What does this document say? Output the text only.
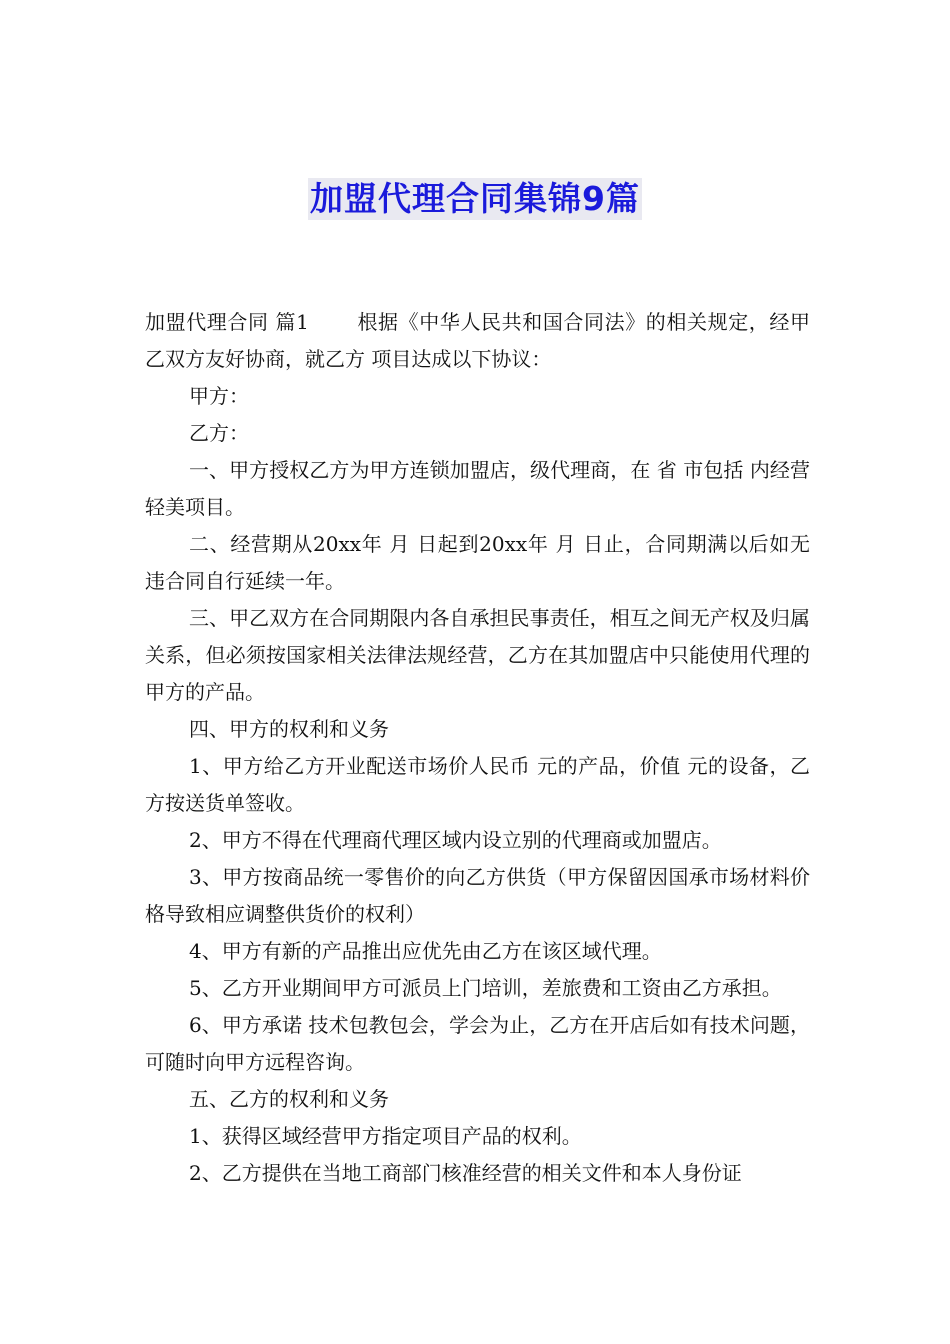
加盟代理合同集锦9篇

加盟代理合同 篇1 根据《中华人民共和国合同法》的相关规定，经甲乙双方友好协商，就乙方 项目达成以下协议：

甲方：

乙方：

一、甲方授权乙方为甲方连锁加盟店，级代理商，在 省 市包括 内经营轻美项目。

二、经营期从20xx年 月 日起到20xx年 月 日止，合同期满以后如无违合同自行延续一年。

三、甲乙双方在合同期限内各自承担民事责任，相互之间无产权及归属关系，但必须按国家相关法律法规经营，乙方在其加盟店中只能使用代理的甲方的产品。

四、甲方的权利和义务

1、甲方给乙方开业配送市场价人民币 元的产品，价值 元的设备，乙方按送货单签收。

2、甲方不得在代理商代理区域内设立别的代理商或加盟店。

3、甲方按商品统一零售价的向乙方供货（甲方保留因国承市场材料价格导致相应调整供货价的权利）

4、甲方有新的产品推出应优先由乙方在该区域代理。

5、乙方开业期间甲方可派员上门培训，差旅费和工资由乙方承担。

6、甲方承诺 技术包教包会，学会为止，乙方在开店后如有技术问题，可随时向甲方远程咨询。

五、乙方的权利和义务

1、获得区域经营甲方指定项目产品的权利。

2、乙方提供在当地工商部门核准经营的相关文件和本人身份证
